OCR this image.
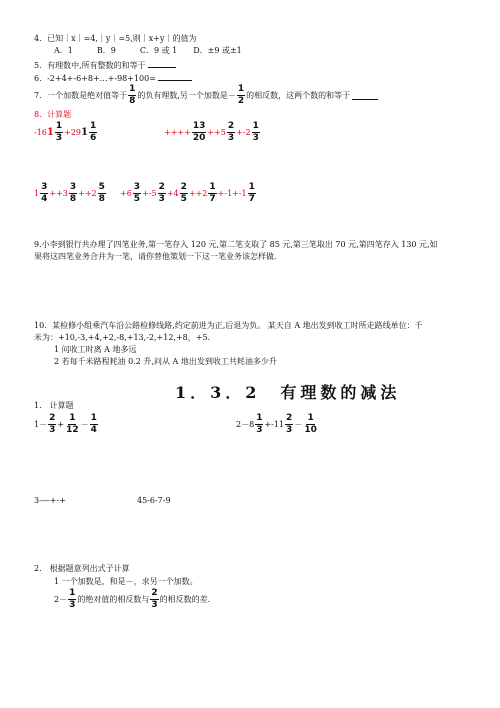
4．已知｜x｜=4,｜y｜=5,则｜x+y｜的值为
A．1　　　B．9　　　C．9 或 1　　D．±9 或±1
5．有理数中,所有整数的和等于
6．-2+4+-6+8+…+-98+100=
7．一个加数是绝对值等于 $\frac{1}{8}$ 的负有理数,另一个加数是－ $\frac{1}{2}$ 的相反数，这两个数的和等于
8．计算题
-16 $1 \frac{1}{3} +29$ $1 \frac{1}{6}$	++++ $\frac{13}{20} ++5 \frac{2}{3} +-2 \frac{1}{3}$
$1 \frac{3}{4} ++3 \frac{3}{8} ++2 \frac{5}{8} +6 \frac{3}{5} +-5 \frac{2}{3} +4 \frac{2}{5} ++2 \frac{1}{7} +-1+-1 \frac{1}{7}$
9.小李到银行共办理了四笔业务,第一笔存入 120 元,第二笔支取了 85 元,第三笔取出 70 元,第四笔存入 130 元,如
果将这四笔业务合并为一笔，请你替他策划一下这一笔业务该怎样做.
10．某检修小组乘汽车沿公路检修线路,约定前进为正,后退为负。 某天自 A 地出发到收工时所走路线单位：千
米为：+10,-3,+4,+2,-8,+13,-2,+12,+8，+5.
1 问收工时离 A 地多远
2 若每千米路程耗油 0.2 升,问从 A 地出发到收工共耗油多少升
1．3．2　有理数的减法
1.　计算题
$1- \frac{2}{3} + \frac{1}{12} - \frac{1}{4}$	$2-8 \frac{1}{3} +-11 \frac{2}{3} - \frac{1}{10}$
3-—+-+	45-6-7-9
2.　根据题意列出式子计算
1 一个加数是，和是－，求另一个加数。
$2- \frac{1}{3}$ 的绝对值的相反数与 $\frac{2}{3}$ 的相反数的差.
